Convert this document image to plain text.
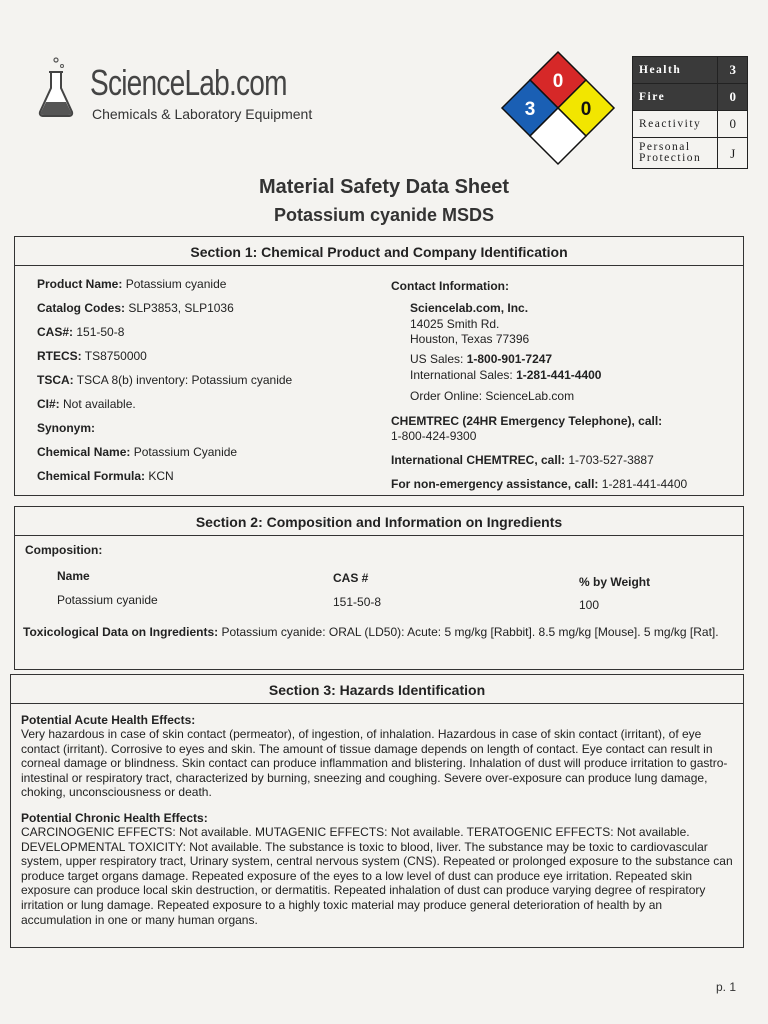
ScienceLab.com
Chemicals & Laboratory Equipment
0
3 0
Health	3
Fire	0
Reactivity	0
Personal Protection	J
Material Safety Data Sheet
Potassium cyanide MSDS
Section 1: Chemical Product and Company Identification
Product Name: Potassium cyanide
Catalog Codes: SLP3853, SLP1036
CAS#: 151-50-8
RTECS: TS8750000
TSCA: TSCA 8(b) inventory: Potassium cyanide
CI#: Not available.
Synonym:
Chemical Name: Potassium Cyanide
Chemical Formula: KCN
Contact Information:
Sciencelab.com, Inc.
14025 Smith Rd.
Houston, Texas 77396
US Sales: 1-800-901-7247
International Sales: 1-281-441-4400
Order Online: ScienceLab.com
CHEMTREC (24HR Emergency Telephone), call:
1-800-424-9300
International CHEMTREC, call: 1-703-527-3887
For non-emergency assistance, call: 1-281-441-4400
Section 2: Composition and Information on Ingredients
Composition:
Name	CAS #	% by Weight
Potassium cyanide	151-50-8	100
Toxicological Data on Ingredients: Potassium cyanide: ORAL (LD50): Acute: 5 mg/kg [Rabbit]. 8.5 mg/kg [Mouse]. 5 mg/kg [Rat].
Section 3: Hazards Identification
Potential Acute Health Effects:
Very hazardous in case of skin contact (permeator), of ingestion, of inhalation. Hazardous in case of skin contact (irritant), of eye contact (irritant). Corrosive to eyes and skin. The amount of tissue damage depends on length of contact. Eye contact can result in corneal damage or blindness. Skin contact can produce inflammation and blistering. Inhalation of dust will produce irritation to gastro-intestinal or respiratory tract, characterized by burning, sneezing and coughing. Severe over-exposure can produce lung damage, choking, unconsciousness or death.
Potential Chronic Health Effects:
CARCINOGENIC EFFECTS: Not available. MUTAGENIC EFFECTS: Not available. TERATOGENIC EFFECTS: Not available. DEVELOPMENTAL TOXICITY: Not available. The substance is toxic to blood, liver. The substance may be toxic to cardiovascular system, upper respiratory tract, Urinary system, central nervous system (CNS). Repeated or prolonged exposure to the substance can produce target organs damage. Repeated exposure of the eyes to a low level of dust can produce eye irritation. Repeated skin exposure can produce local skin destruction, or dermatitis. Repeated inhalation of dust can produce varying degree of respiratory irritation or lung damage. Repeated exposure to a highly toxic material may produce general deterioration of health by an accumulation in one or many human organs.
p. 1
